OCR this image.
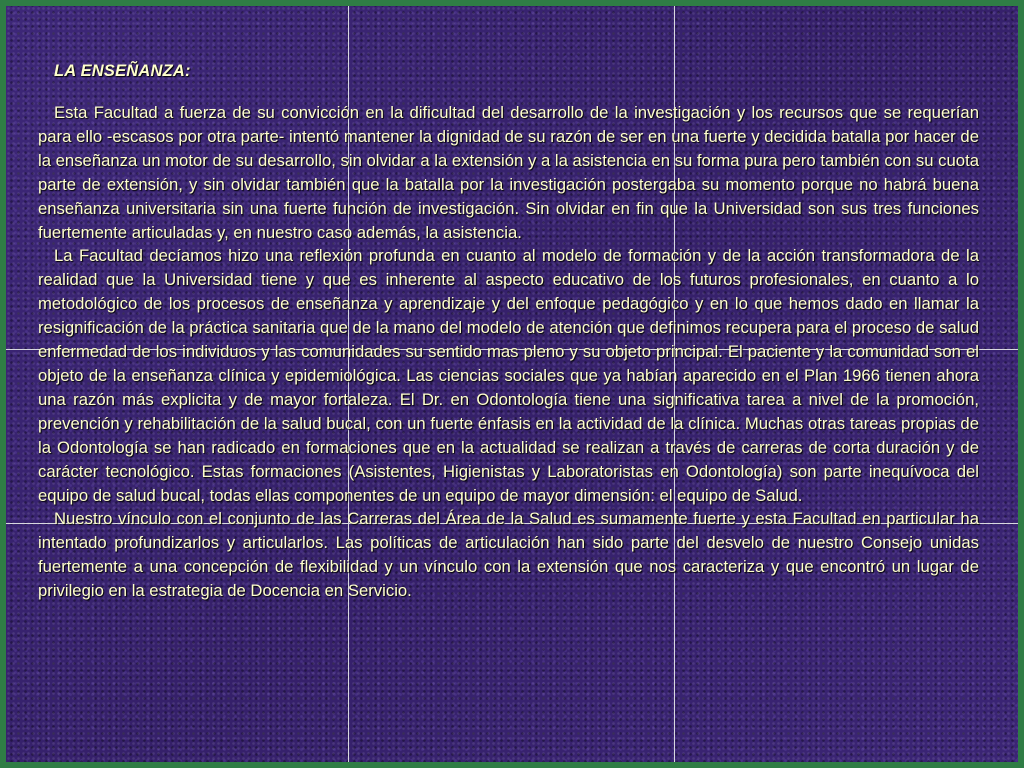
LA ENSEÑANZA:

Esta Facultad a fuerza de su convicción en la dificultad del desarrollo de la investigación y los recursos que se requerían para ello -escasos por otra parte- intentó mantener la dignidad de su razón de ser en una fuerte y decidida batalla por hacer de la enseñanza un motor de su desarrollo, sin olvidar a la extensión y a la asistencia en su forma pura pero también con su cuota parte de extensión, y sin olvidar también que la batalla por la investigación postergaba su momento porque no habrá buena enseñanza universitaria sin una fuerte función de investigación. Sin olvidar en fin que la Universidad son sus tres funciones fuertemente articuladas y, en nuestro caso además, la asistencia.

La Facultad decíamos hizo una reflexión profunda en cuanto al modelo de formación y de la acción transformadora de la realidad que la Universidad tiene y que es inherente al aspecto educativo de los futuros profesionales, en cuanto a lo metodológico de los procesos de enseñanza y aprendizaje y del enfoque pedagógico y en lo que hemos dado en llamar la resignificación de la práctica sanitaria que de la mano del modelo de atención que definimos recupera para el proceso de salud enfermedad de los individuos y las comunidades su sentido mas pleno y su objeto principal. El paciente y la comunidad son el objeto de la enseñanza clínica y epidemiológica. Las ciencias sociales que ya habían aparecido en el Plan 1966 tienen ahora una razón más explicita y de mayor fortaleza. El Dr. en Odontología tiene una significativa tarea a nivel de la promoción, prevención y rehabilitación de la salud bucal, con un fuerte énfasis en la actividad de la clínica. Muchas otras tareas propias de la Odontología se han radicado en formaciones que en la actualidad se realizan a través de carreras de corta duración y de carácter tecnológico. Estas formaciones (Asistentes, Higienistas y Laboratoristas en Odontología) son parte inequívoca del equipo de salud bucal, todas ellas componentes de un equipo de mayor dimensión: el equipo de Salud.

Nuestro vínculo con el conjunto de las Carreras del Área de la Salud es sumamente fuerte y esta Facultad en particular ha intentado profundizarlos y articularlos. Las políticas de articulación han sido parte del desvelo de nuestro Consejo unidas fuertemente a una concepción de flexibilidad y un vínculo con la extensión que nos caracteriza y que encontró un lugar de privilegio en la estrategia de Docencia en Servicio.
